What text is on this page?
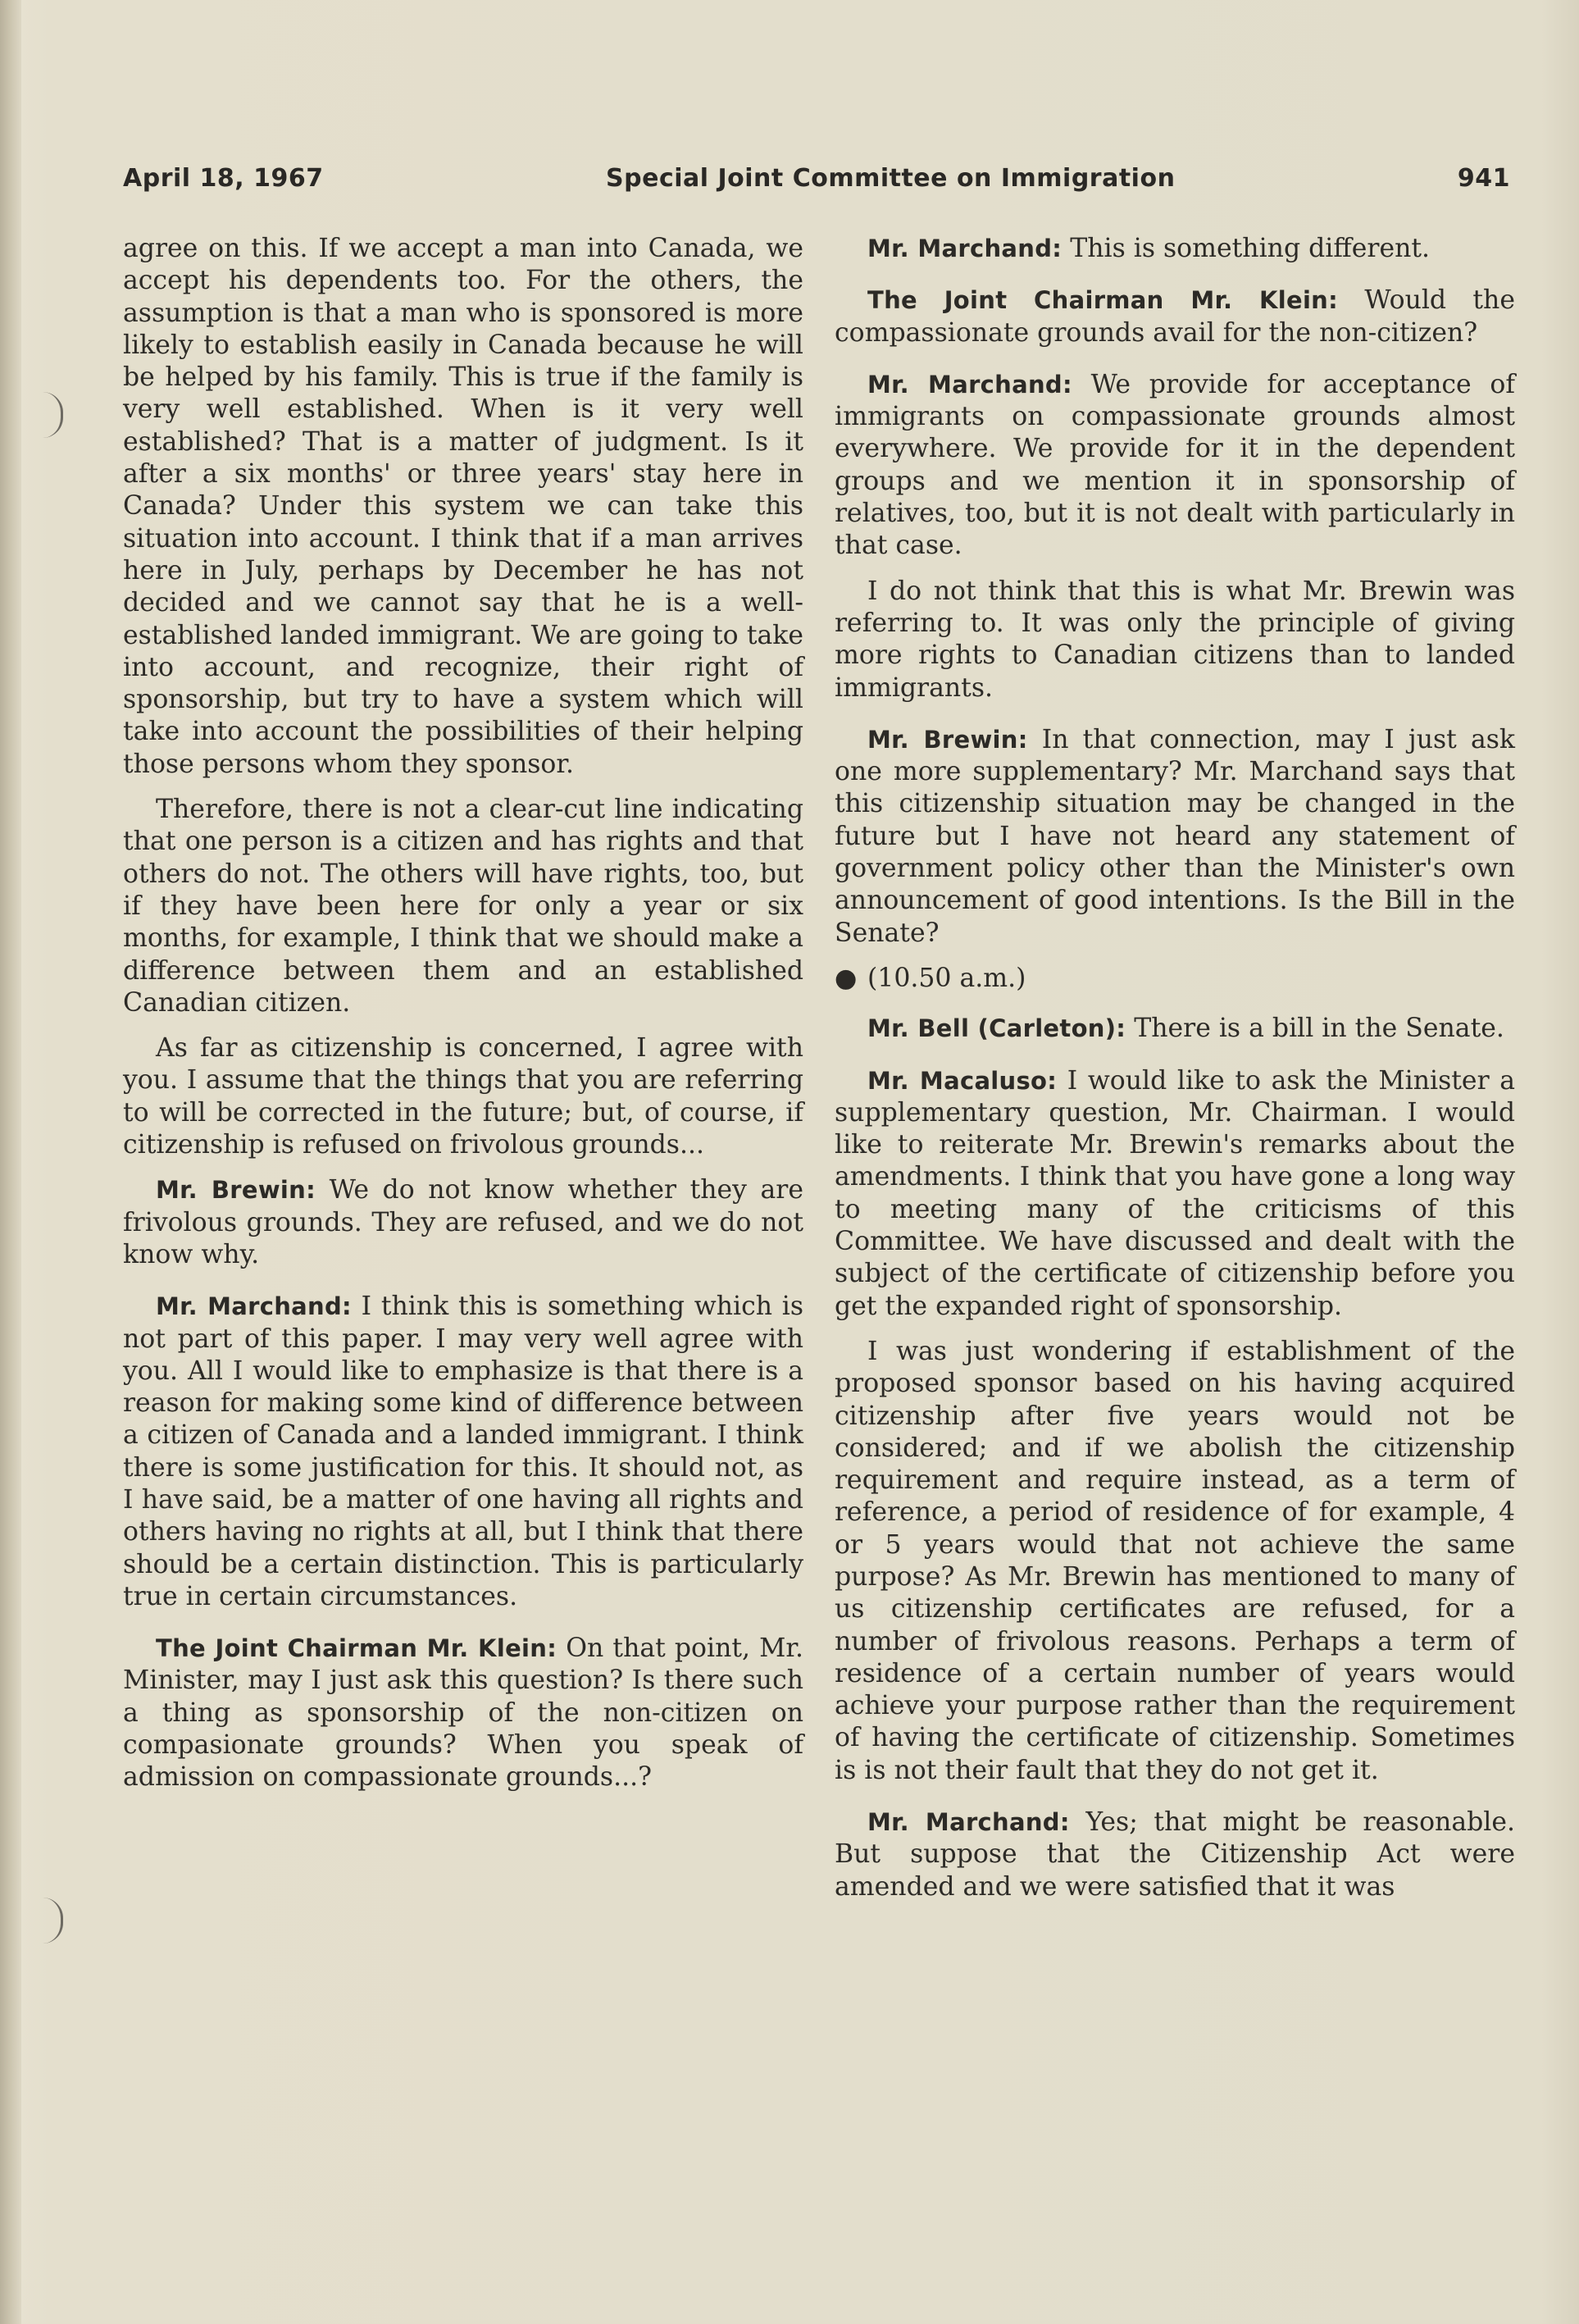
April 18, 1967	Special Joint Committee on Immigration	941

agree on this. If we accept a man into Canada, we accept his dependents too. For the others, the assumption is that a man who is sponsored is more likely to establish easily in Canada because he will be helped by his family. This is true if the family is very well established. When is it very well established? That is a matter of judgment. Is it after a six months' or three years' stay here in Canada? Under this system we can take this situation into account. I think that if a man arrives here in July, perhaps by December he has not decided and we cannot say that he is a well-established landed immigrant. We are going to take into account, and recognize, their right of sponsorship, but try to have a system which will take into account the possibilities of their helping those persons whom they sponsor.

Therefore, there is not a clear-cut line indicating that one person is a citizen and has rights and that others do not. The others will have rights, too, but if they have been here for only a year or six months, for example, I think that we should make a difference between them and an established Canadian citizen.

As far as citizenship is concerned, I agree with you. I assume that the things that you are referring to will be corrected in the future; but, of course, if citizenship is refused on frivolous grounds...

Mr. Brewin: We do not know whether they are frivolous grounds. They are refused, and we do not know why.

Mr. Marchand: I think this is something which is not part of this paper. I may very well agree with you. All I would like to emphasize is that there is a reason for making some kind of difference between a citizen of Canada and a landed immigrant. I think there is some justification for this. It should not, as I have said, be a matter of one having all rights and others having no rights at all, but I think that there should be a certain distinction. This is particularly true in certain circumstances.

The Joint Chairman Mr. Klein: On that point, Mr. Minister, may I just ask this question? Is there such a thing as sponsorship of the non-citizen on compasionate grounds? When you speak of admission on compassionate grounds...?

Mr. Marchand: This is something different.

The Joint Chairman Mr. Klein: Would the compassionate grounds avail for the non-citizen?

Mr. Marchand: We provide for acceptance of immigrants on compassionate grounds almost everywhere. We provide for it in the dependent groups and we mention it in sponsorship of relatives, too, but it is not dealt with particularly in that case.

I do not think that this is what Mr. Brewin was referring to. It was only the principle of giving more rights to Canadian citizens than to landed immigrants.

Mr. Brewin: In that connection, may I just ask one more supplementary? Mr. Marchand says that this citizenship situation may be changed in the future but I have not heard any statement of government policy other than the Minister's own announcement of good intentions. Is the Bill in the Senate?

● (10.50 a.m.)

Mr. Bell (Carleton): There is a bill in the Senate.

Mr. Macaluso: I would like to ask the Minister a supplementary question, Mr. Chairman. I would like to reiterate Mr. Brewin's remarks about the amendments. I think that you have gone a long way to meeting many of the criticisms of this Committee. We have discussed and dealt with the subject of the certificate of citizenship before you get the expanded right of sponsorship.

I was just wondering if establishment of the proposed sponsor based on his having acquired citizenship after five years would not be considered; and if we abolish the citizenship requirement and require instead, as a term of reference, a period of residence of for example, 4 or 5 years would that not achieve the same purpose? As Mr. Brewin has mentioned to many of us citizenship certificates are refused, for a number of frivolous reasons. Perhaps a term of residence of a certain number of years would achieve your purpose rather than the requirement of having the certificate of citizenship. Sometimes is is not their fault that they do not get it.

Mr. Marchand: Yes; that might be reasonable. But suppose that the Citizenship Act were amended and we were satisfied that it was
